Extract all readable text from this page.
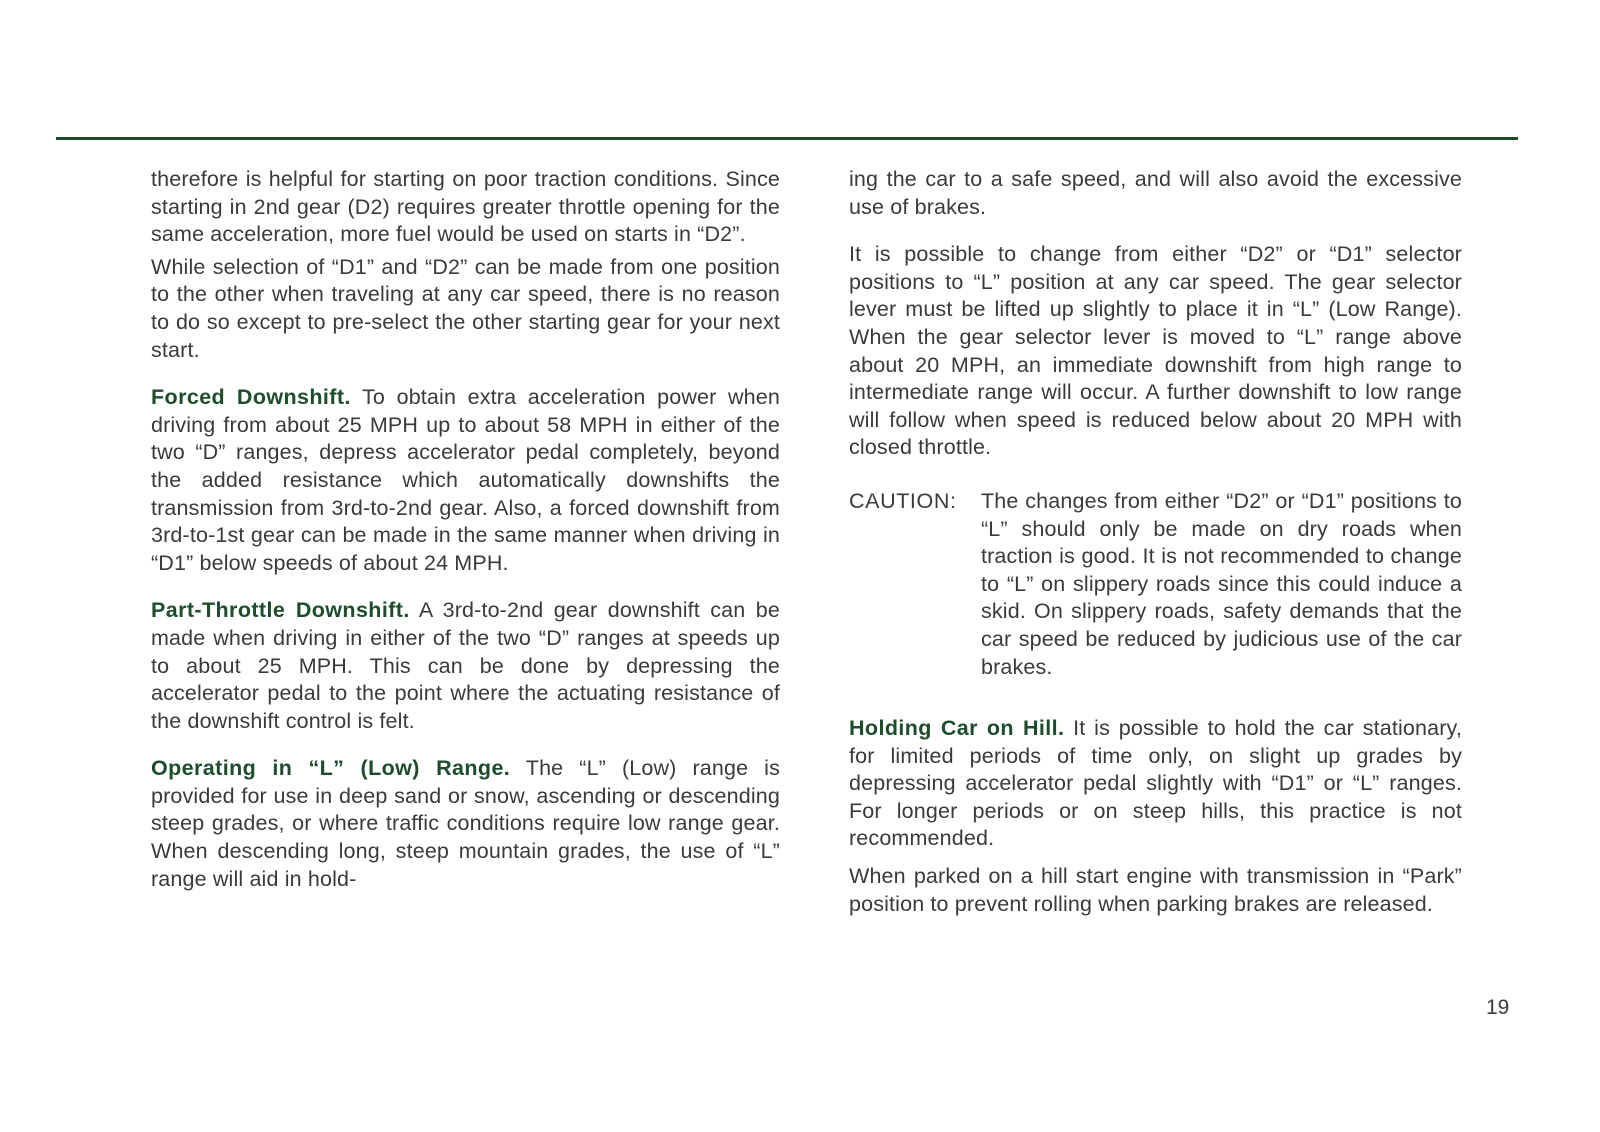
therefore is helpful for starting on poor traction conditions. Since starting in 2nd gear (D2) requires greater throttle opening for the same acceleration, more fuel would be used on starts in “D2”.

While selection of “D1” and “D2” can be made from one position to the other when traveling at any car speed, there is no reason to do so except to pre-select the other starting gear for your next start.

Forced Downshift. To obtain extra acceleration power when driving from about 25 MPH up to about 58 MPH in either of the two “D” ranges, depress accelerator pedal completely, beyond the added resistance which automatically downshifts the transmission from 3rd-to-2nd gear. Also, a forced downshift from 3rd-to-1st gear can be made in the same manner when driving in “D1” below speeds of about 24 MPH.

Part-Throttle Downshift. A 3rd-to-2nd gear downshift can be made when driving in either of the two “D” ranges at speeds up to about 25 MPH. This can be done by depressing the accelerator pedal to the point where the actuating resistance of the downshift control is felt.

Operating in “L” (Low) Range. The “L” (Low) range is provided for use in deep sand or snow, ascending or descending steep grades, or where traffic conditions require low range gear. When descending long, steep mountain grades, the use of “L” range will aid in hold-

ing the car to a safe speed, and will also avoid the excessive use of brakes.

It is possible to change from either “D2” or “D1” selector positions to “L” position at any car speed. The gear selector lever must be lifted up slightly to place it in “L” (Low Range). When the gear selector lever is moved to “L” range above about 20 MPH, an immediate downshift from high range to intermediate range will occur. A further downshift to low range will follow when speed is reduced below about 20 MPH with closed throttle.

CAUTION:	The changes from either “D2” or “D1” positions to “L” should only be made on dry roads when traction is good. It is not recommended to change to “L” on slippery roads since this could induce a skid. On slippery roads, safety demands that the car speed be reduced by judicious use of the car brakes.

Holding Car on Hill. It is possible to hold the car stationary, for limited periods of time only, on slight up grades by depressing accelerator pedal slightly with “D1” or “L” ranges. For longer periods or on steep hills, this practice is not recommended.

When parked on a hill start engine with transmission in “Park” position to prevent rolling when parking brakes are released.

19
